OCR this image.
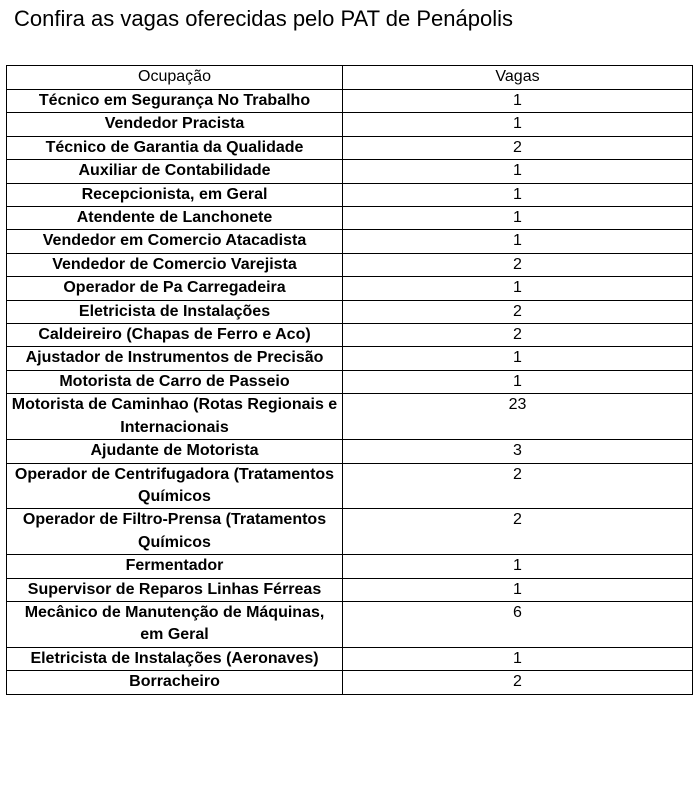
Confira as vagas oferecidas pelo PAT de Penápolis
Ocupação	Vagas
Técnico em Segurança No Trabalho	1
Vendedor Pracista	1
Técnico de Garantia da Qualidade	2
Auxiliar de Contabilidade	1
Recepcionista, em Geral	1
Atendente de Lanchonete	1
Vendedor em Comercio Atacadista	1
Vendedor de Comercio Varejista	2
Operador de Pa Carregadeira	1
Eletricista de Instalações	2
Caldeireiro (Chapas de Ferro e Aco)	2
Ajustador de Instrumentos de Precisão	1
Motorista de Carro de Passeio	1
Motorista de Caminhao (Rotas Regionais e Internacionais	23
Ajudante de Motorista	3
Operador de Centrifugadora (Tratamentos Químicos	2
Operador de Filtro-Prensa (Tratamentos Químicos	2
Fermentador	1
Supervisor de Reparos Linhas Férreas	1
Mecânico de Manutenção de Máquinas, em Geral	6
Eletricista de Instalações (Aeronaves)	1
Borracheiro	2
